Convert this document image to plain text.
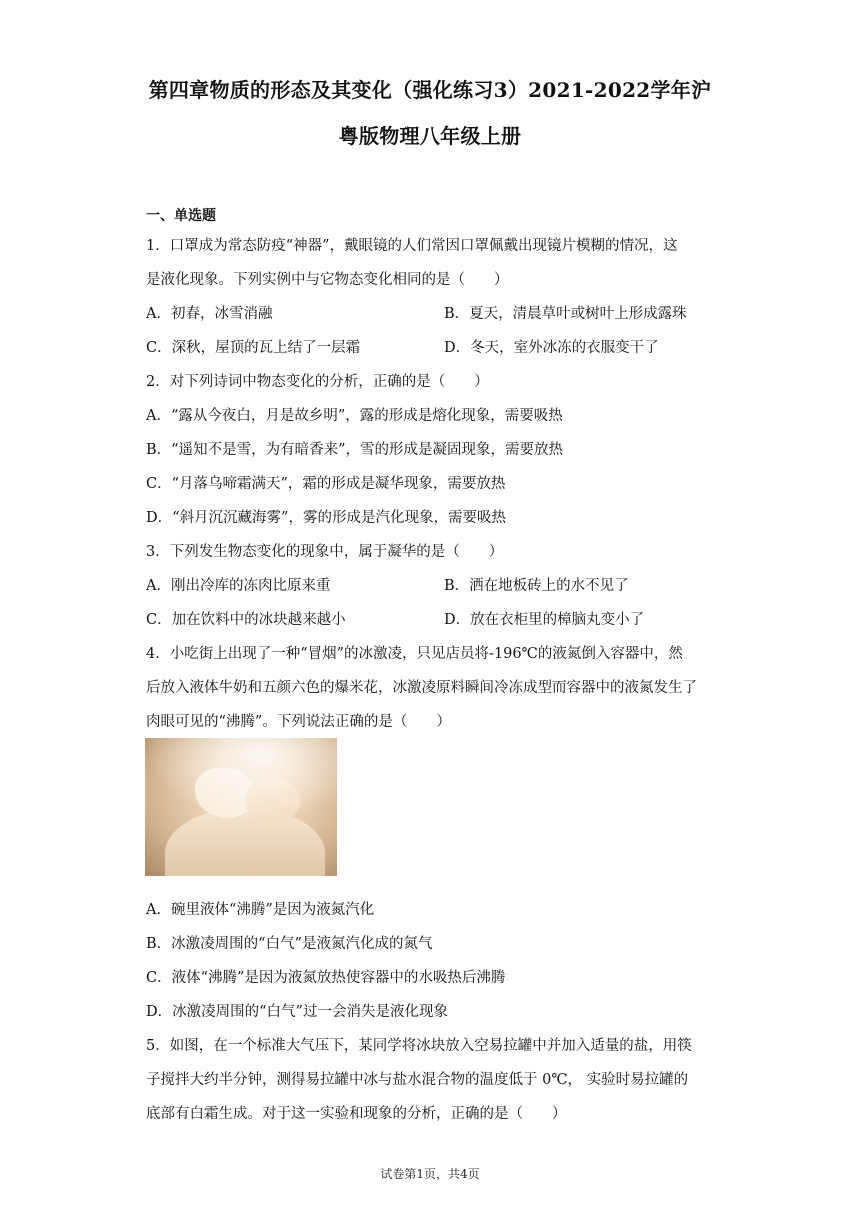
第四章物质的形态及其变化（强化练习3）2021-2022学年沪
粤版物理八年级上册
一、单选题
1．口罩成为常态防疫“神器”，戴眼镜的人们常因口罩佩戴出现镜片模糊的情况，这
是液化现象。下列实例中与它物态变化相同的是（　　）
A．初春，冰雪消融	B．夏天，清晨草叶或树叶上形成露珠
C．深秋，屋顶的瓦上结了一层霜	D．冬天，室外冰冻的衣服变干了
2．对下列诗词中物态变化的分析，正确的是（　　）
A．“露从今夜白，月是故乡明”，露的形成是熔化现象，需要吸热
B．“遥知不是雪，为有暗香来”，雪的形成是凝固现象，需要放热
C．“月落乌啼霜满天”，霜的形成是凝华现象，需要放热
D．“斜月沉沉藏海雾”，雾的形成是汽化现象，需要吸热
3．下列发生物态变化的现象中，属于凝华的是（　　）
A．刚出冷库的冻肉比原来重	B．洒在地板砖上的水不见了
C．加在饮料中的冰块越来越小	D．放在衣柜里的樟脑丸变小了
4．小吃街上出现了一种“冒烟”的冰激凌，只见店员将-196℃的液氮倒入容器中，然
后放入液体牛奶和五颜六色的爆米花，冰激凌原料瞬间冷冻成型而容器中的液氮发生了
肉眼可见的“沸腾”。下列说法正确的是（　　）
A．碗里液体“沸腾”是因为液氮汽化
B．冰激凌周围的“白气”是液氮汽化成的氮气
C．液体“沸腾”是因为液氮放热使容器中的水吸热后沸腾
D．冰激凌周围的“白气”过一会消失是液化现象
5．如图，在一个标准大气压下，某同学将冰块放入空易拉罐中并加入适量的盐，用筷
子搅拌大约半分钟，测得易拉罐中冰与盐水混合物的温度低于 0℃， 实验时易拉罐的
底部有白霜生成。对于这一实验和现象的分析，正确的是（　　）
试卷第1页，共4页
